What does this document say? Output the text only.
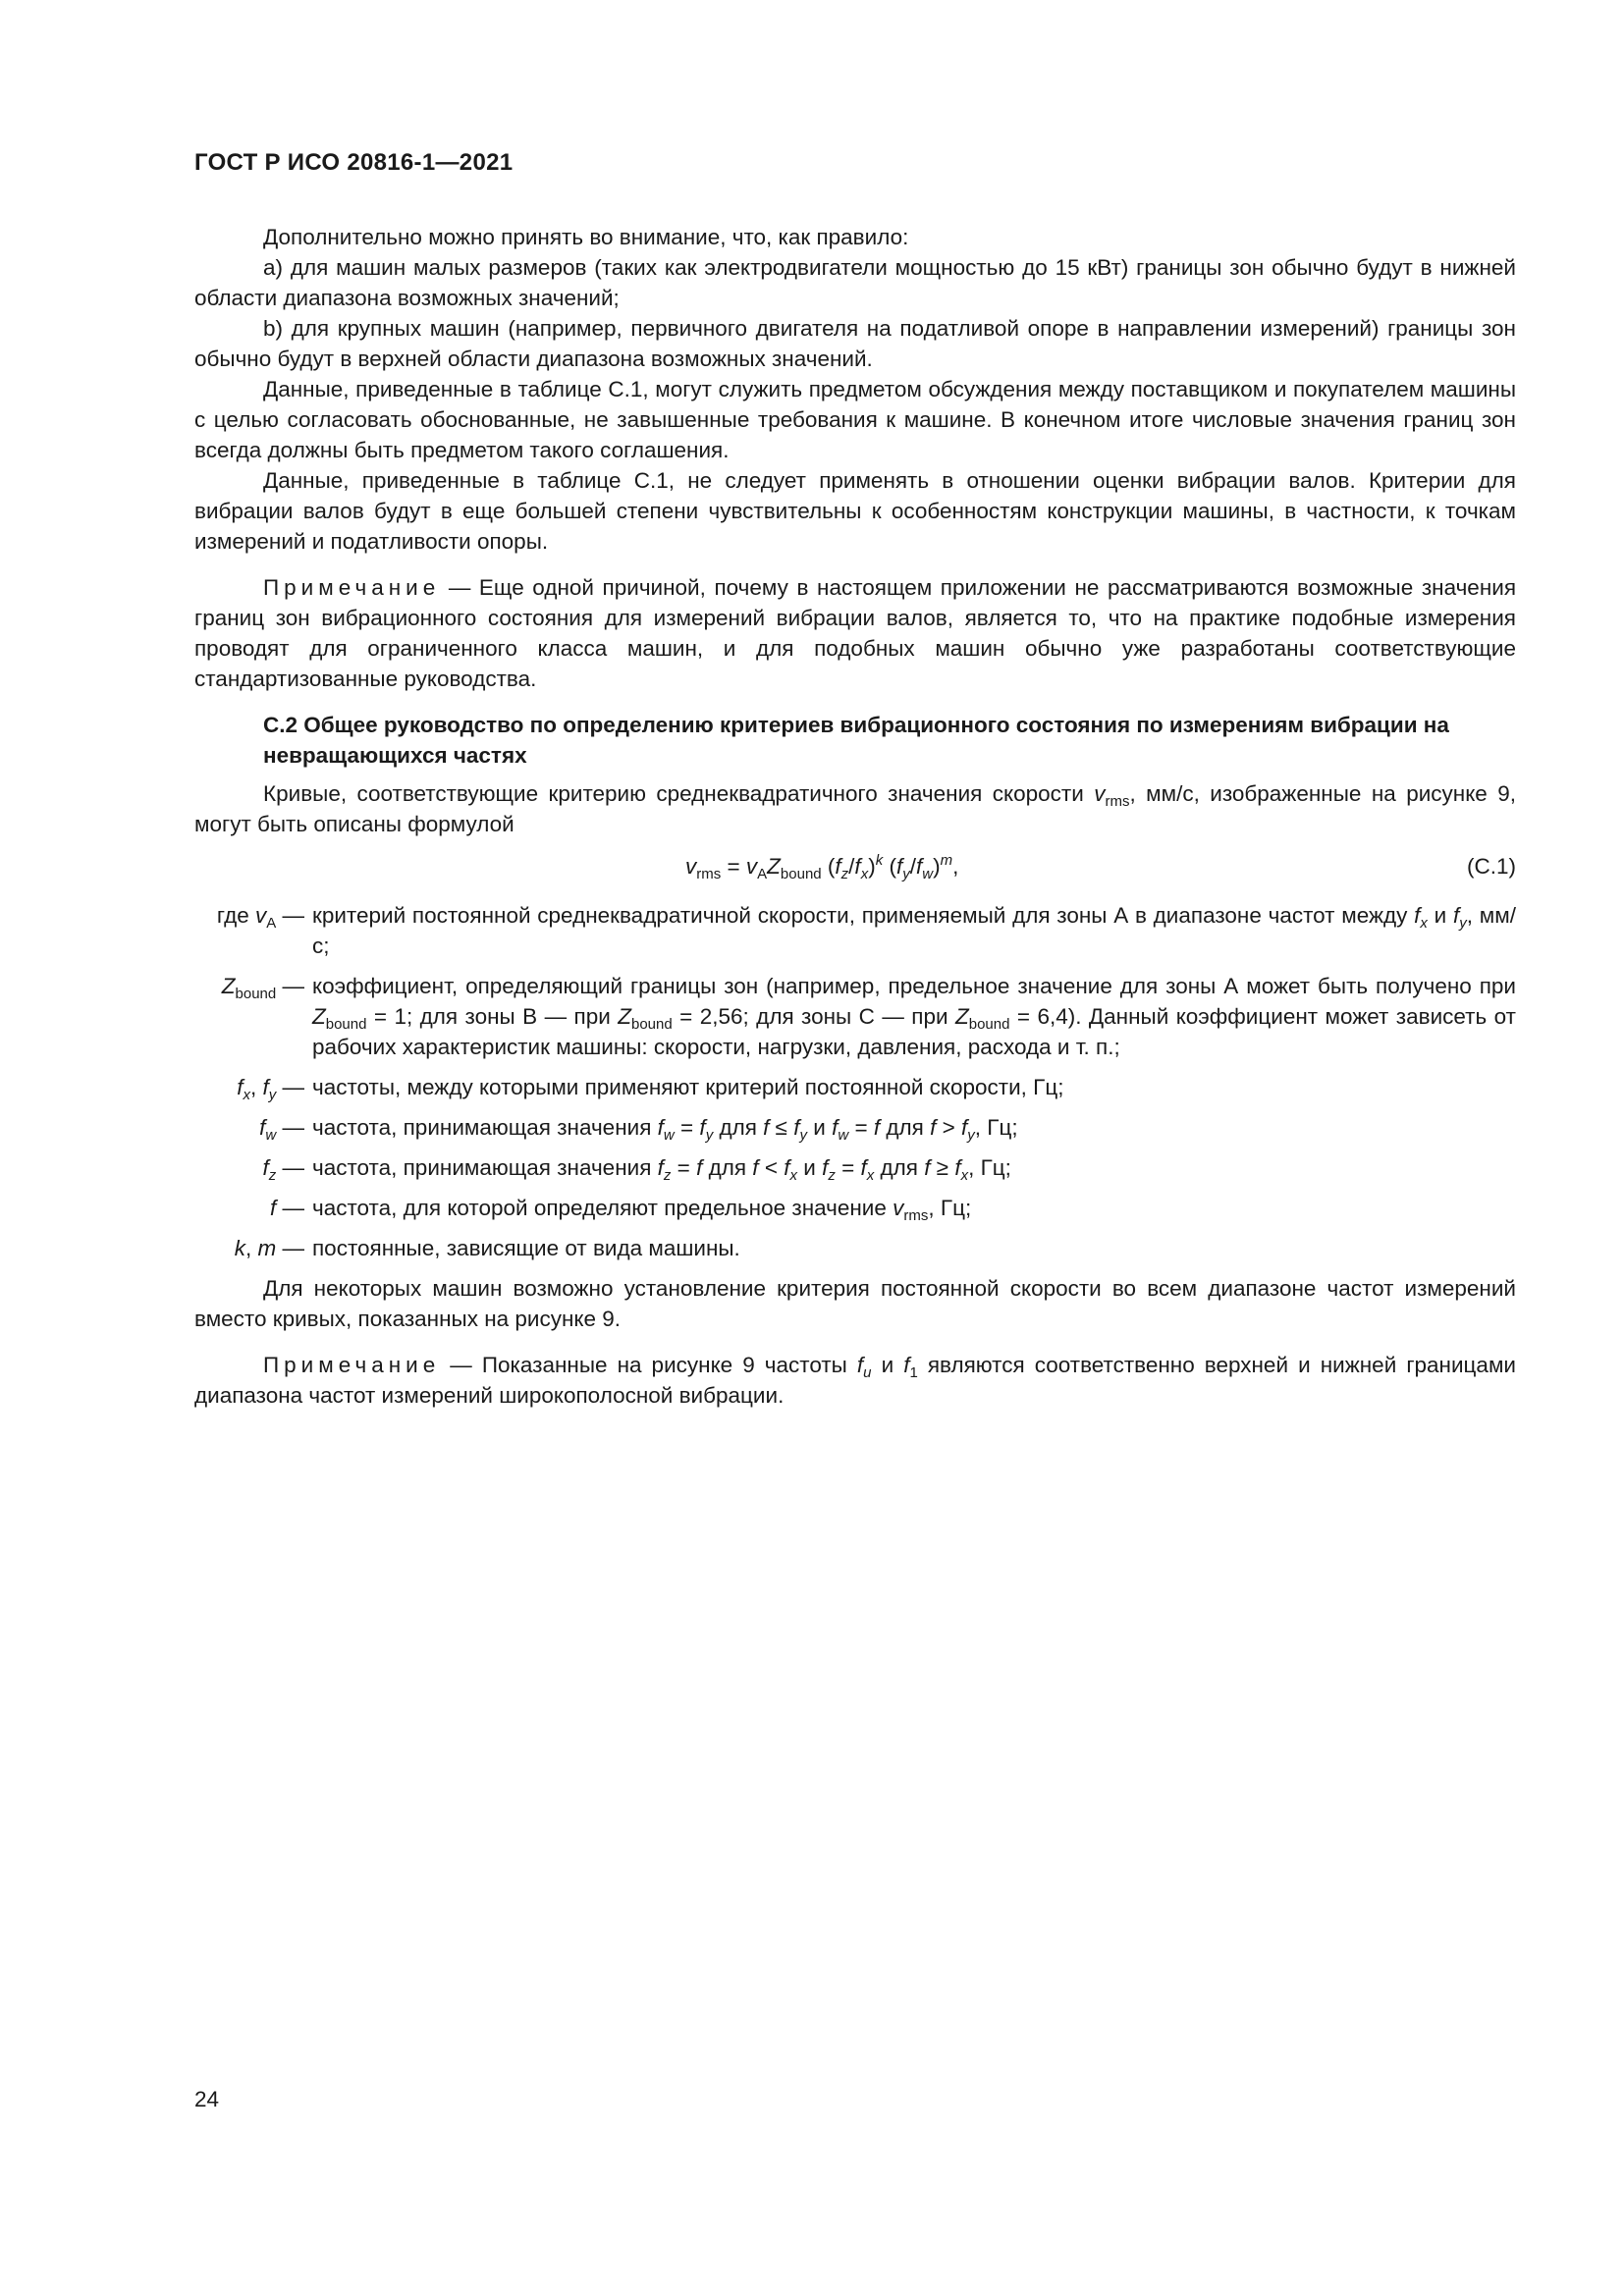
ГОСТ Р ИСО 20816-1—2021

Дополнительно можно принять во внимание, что, как правило:

a) для машин малых размеров (таких как электродвигатели мощностью до 15 кВт) границы зон обычно будут в нижней области диапазона возможных значений;

b) для крупных машин (например, первичного двигателя на податливой опоре в направлении измерений) границы зон обычно будут в верхней области диапазона возможных значений.

Данные, приведенные в таблице С.1, могут служить предметом обсуждения между поставщиком и покупателем машины с целью согласовать обоснованные, не завышенные требования к машине. В конечном итоге числовые значения границ зон всегда должны быть предметом такого соглашения.

Данные, приведенные в таблице С.1, не следует применять в отношении оценки вибрации валов. Критерии для вибрации валов будут в еще большей степени чувствительны к особенностям конструкции машины, в частности, к точкам измерений и податливости опоры.

Примечание — Еще одной причиной, почему в настоящем приложении не рассматриваются возможные значения границ зон вибрационного состояния для измерений вибрации валов, является то, что на практике подобные измерения проводят для ограниченного класса машин, и для подобных машин обычно уже разработаны соответствующие стандартизованные руководства.

С.2 Общее руководство по определению критериев вибрационного состояния по измерениям вибрации на невращающихся частях

Кривые, соответствующие критерию среднеквадратичного значения скорости $v_{rms}$, мм/с, изображенные на рисунке 9, могут быть описаны формулой

$v_{rms} = v_AZ_{bound}$ $(f_z/f_x)^k$ $(f_y/f_w)^m$,	(С.1)
где $v_A$ — критерий постоянной среднеквадратичной скорости, применяемый для зоны А в диапазоне частот между $f_x$ и $f_y$, мм/с;
$Z_{bound}$ — коэффициент, определяющий границы зон (например, предельное значение для зоны А может быть получено при $Z_{bound} = 1$; для зоны В — при $Z_{bound} = 2,56$; для зоны С — при $Z_{bound} = 6,4$). Данный коэффициент может зависеть от рабочих характеристик машины: скорости, нагрузки, давления, расхода и т. п.;
$f_x$, $f_y$ — частоты, между которыми применяют критерий постоянной скорости, Гц;
$f_w$ — частота, принимающая значения $f_w = f_y$ для $f \le f_y$ и $f_w = f$ для $f > f_y$, Гц;
$f_z$ — частота, принимающая значения $f_z = f$ для $f < f_x$ и $f_z = f_x$ для $f \ge f_x$, Гц;
f — частота, для которой определяют предельное значение $v_{rms}$, Гц;
k, m — постоянные, зависящие от вида машины.

Для некоторых машин возможно установление критерия постоянной скорости во всем диапазоне частот измерений вместо кривых, показанных на рисунке 9.

Примечание — Показанные на рисунке 9 частоты $f_u$ и $f_1$ являются соответственно верхней и нижней границами диапазона частот измерений широкополосной вибрации.

24
